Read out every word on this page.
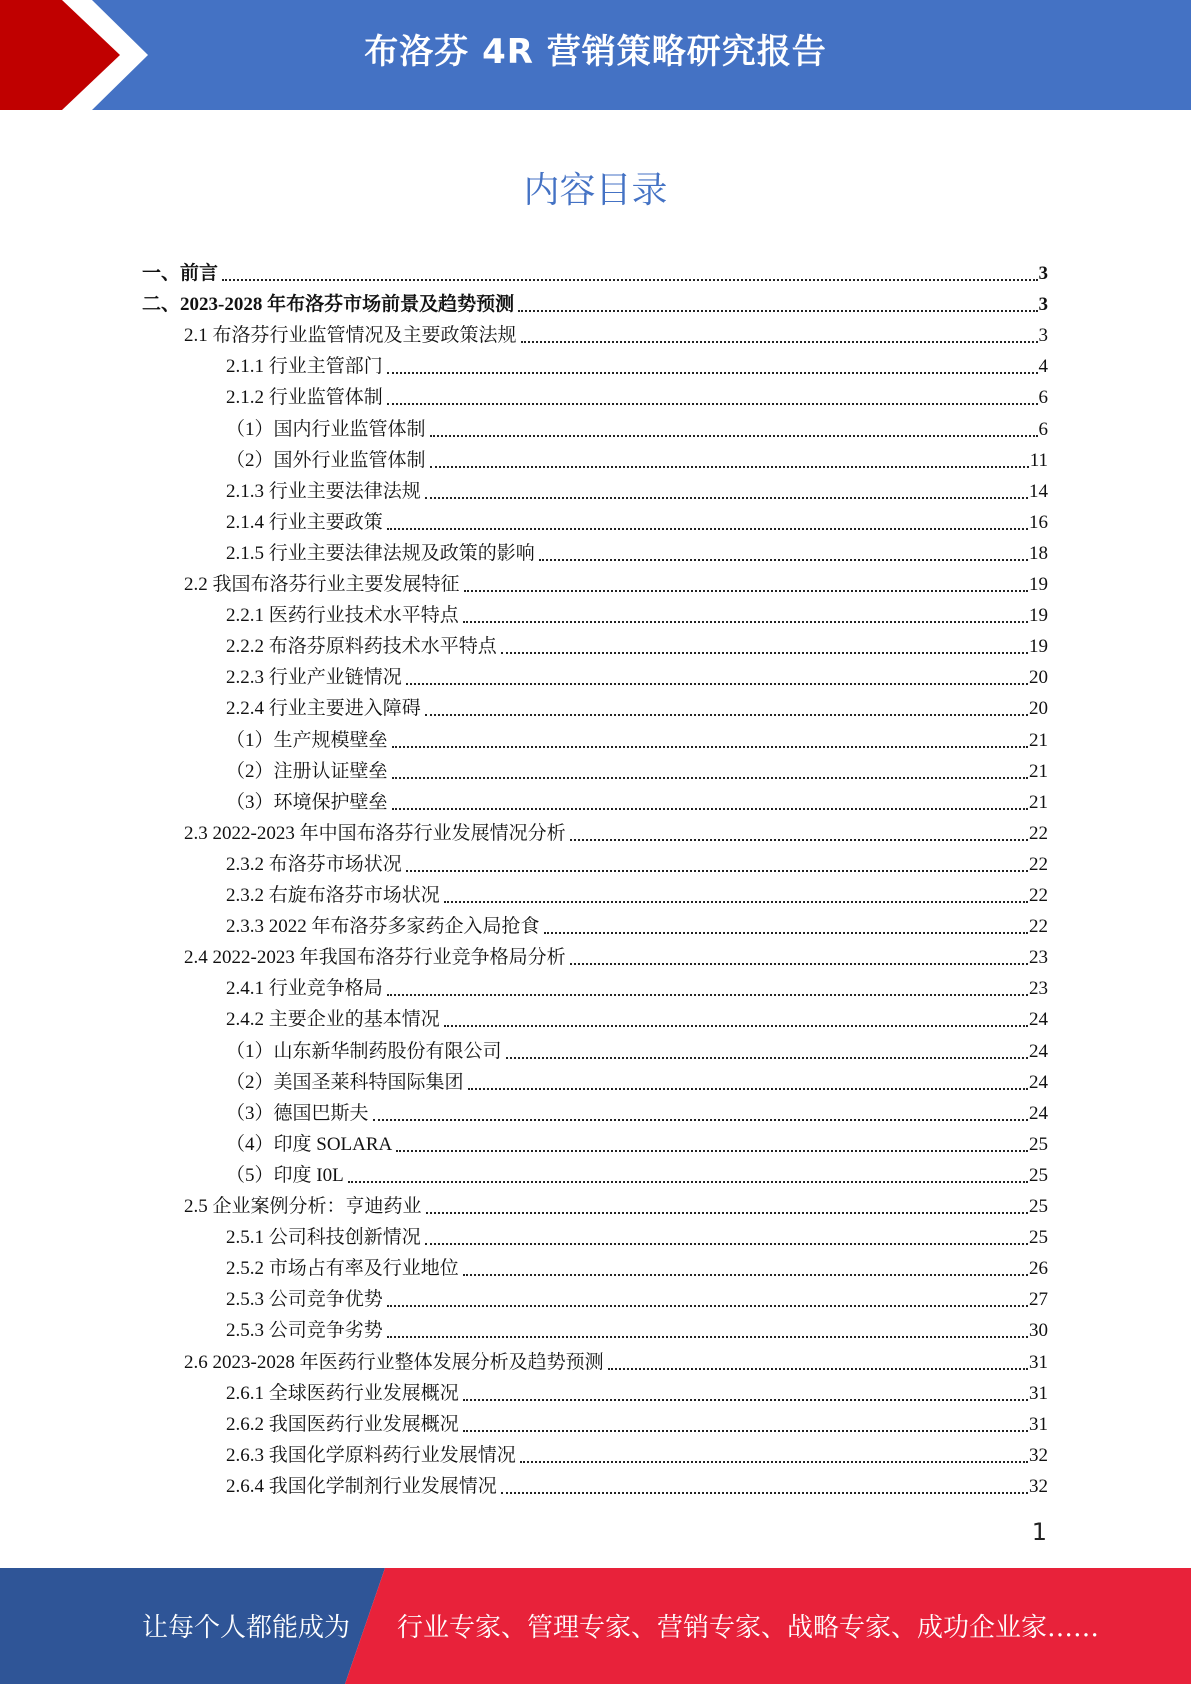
布洛芬 4R 营销策略研究报告
内容目录
一、前言	3
二、2023-2028 年布洛芬市场前景及趋势预测	3
2.1 布洛芬行业监管情况及主要政策法规	3
2.1.1 行业主管部门	4
2.1.2 行业监管体制	6
（1）国内行业监管体制	6
（2）国外行业监管体制	11
2.1.3 行业主要法律法规	14
2.1.4 行业主要政策	16
2.1.5 行业主要法律法规及政策的影响	18
2.2 我国布洛芬行业主要发展特征	19
2.2.1 医药行业技术水平特点	19
2.2.2 布洛芬原料药技术水平特点	19
2.2.3 行业产业链情况	20
2.2.4 行业主要进入障碍	20
（1）生产规模壁垒	21
（2）注册认证壁垒	21
（3）环境保护壁垒	21
2.3 2022-2023 年中国布洛芬行业发展情况分析	22
2.3.2 布洛芬市场状况	22
2.3.2 右旋布洛芬市场状况	22
2.3.3 2022 年布洛芬多家药企入局抢食	22
2.4 2022-2023 年我国布洛芬行业竞争格局分析	23
2.4.1 行业竞争格局	23
2.4.2 主要企业的基本情况	24
（1）山东新华制药股份有限公司	24
（2）美国圣莱科特国际集团	24
（3）德国巴斯夫	24
（4）印度 SOLARA	25
（5）印度 I0L	25
2.5 企业案例分析：亨迪药业	25
2.5.1 公司科技创新情况	25
2.5.2 市场占有率及行业地位	26
2.5.3 公司竞争优势	27
2.5.3 公司竞争劣势	30
2.6 2023-2028 年医药行业整体发展分析及趋势预测	31
2.6.1 全球医药行业发展概况	31
2.6.2 我国医药行业发展概况	31
2.6.3 我国化学原料药行业发展情况	32
2.6.4 我国化学制剂行业发展情况	32
1
让每个人都能成为 行业专家、管理专家、营销专家、战略专家、成功企业家……
